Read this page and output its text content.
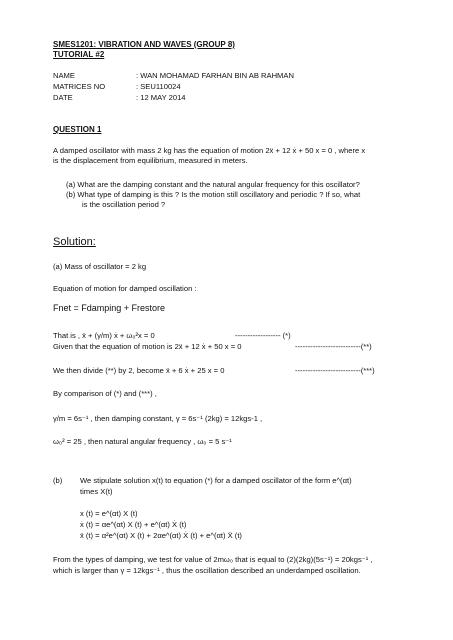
SMES1201: VIBRATION AND WAVES (GROUP 8)
TUTORIAL #2
NAME	: WAN MOHAMAD FARHAN BIN AB RAHMAN
MATRICES NO	: SEU110024
DATE	: 12 MAY 2014
QUESTION 1
A damped oscillator with mass 2 kg has the equation of motion 2ẍ + 12 ẋ + 50 x = 0 , where x
is the displacement from equilibrium, measured in meters.
(a) What are the damping constant and the natural angular frequency for this oscillator?
(b) What type of damping is this ? Is the motion still oscillatory and periodic ? If so, what
is the oscillation period ?
Solution:
(a) Mass of oscillator = 2 kg
Equation of motion for damped oscillation :
Fnet = Fdamping + Frestore
That is , ẍ + (γ/m) ẋ + ω₀²x = 0	------------------ (*)
Given that the equation of motion is 2ẍ + 12 ẋ + 50 x = 0	--------------------------(**)
We then divide (**) by 2, become ẍ + 6 ẋ + 25 x = 0	--------------------------(***)
By comparison of (*) and (***) ,
γ/m = 6s⁻¹ , then damping constant, γ = 6s⁻¹ (2kg) = 12kgs-1 ,
ω₀² = 25 , then natural angular frequency , ω₀ = 5 s⁻¹
(b) We stipulate solution x(t) to equation (*) for a damped oscillator of the form e^(αt)
times X(t)
x (t) = e^(αt) X (t)
ẋ (t) = αe^(αt) X (t) + e^(αt) Ẋ (t)
ẍ (t) = α²e^(αt) X (t) + 2αe^(αt) Ẋ (t) + e^(αt) Ẍ (t)
From the types of damping, we test for value of 2mω₀ that is equal to (2)(2kg)(5s⁻¹) = 20kgs⁻¹ ,
which is larger than γ = 12kgs⁻¹ , thus the oscillation described an underdamped oscillation.
